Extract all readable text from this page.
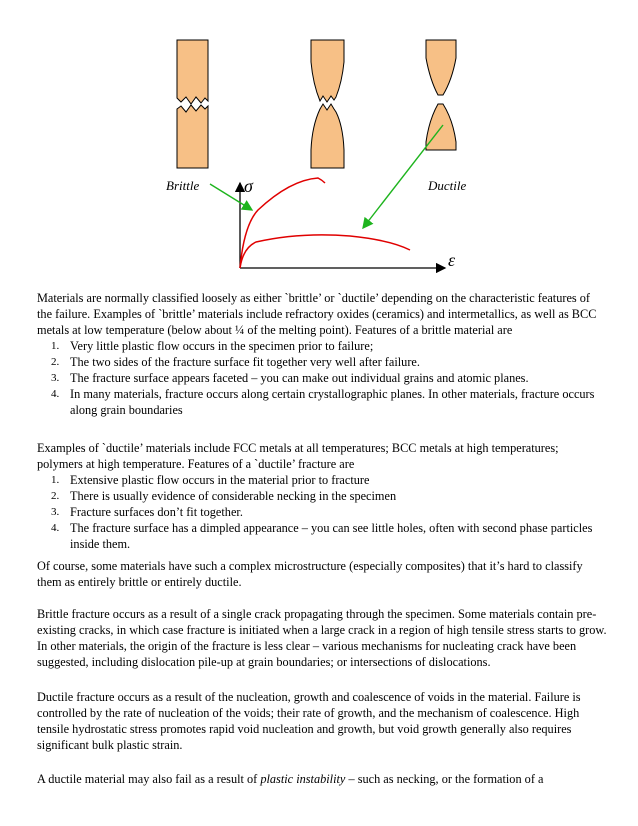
Brittle	Ductile
σ
ε

Materials are normally classified loosely as either `brittle’ or `ductile’ depending on the characteristic features of the failure. Examples of `brittle’ materials include refractory oxides (ceramics) and intermetallics, as well as BCC metals at low temperature (below about ¼ of the melting point). Features of a brittle material are

1. Very little plastic flow occurs in the specimen prior to failure;
2. The two sides of the fracture surface fit together very well after failure.
3. The fracture surface appears faceted – you can make out individual grains and atomic planes.
4. In many materials, fracture occurs along certain crystallographic planes. In other materials, fracture occurs along grain boundaries

Examples of `ductile’ materials include FCC metals at all temperatures; BCC metals at high temperatures; polymers at high temperature. Features of a `ductile’ fracture are

1. Extensive plastic flow occurs in the material prior to fracture
2. There is usually evidence of considerable necking in the specimen
3. Fracture surfaces don’t fit together.
4. The fracture surface has a dimpled appearance – you can see little holes, often with second phase particles inside them.

Of course, some materials have such a complex microstructure (especially composites) that it’s hard to classify them as entirely brittle or entirely ductile.

Brittle fracture occurs as a result of a single crack propagating through the specimen. Some materials contain pre-existing cracks, in which case fracture is initiated when a large crack in a region of high tensile stress starts to grow. In other materials, the origin of the fracture is less clear – various mechanisms for nucleating crack have been suggested, including dislocation pile-up at grain boundaries; or intersections of dislocations.

Ductile fracture occurs as a result of the nucleation, growth and coalescence of voids in the material. Failure is controlled by the rate of nucleation of the voids; their rate of growth, and the mechanism of coalescence. High tensile hydrostatic stress promotes rapid void nucleation and growth, but void growth generally also requires significant bulk plastic strain.

A ductile material may also fail as a result of plastic instability – such as necking, or the formation of a
